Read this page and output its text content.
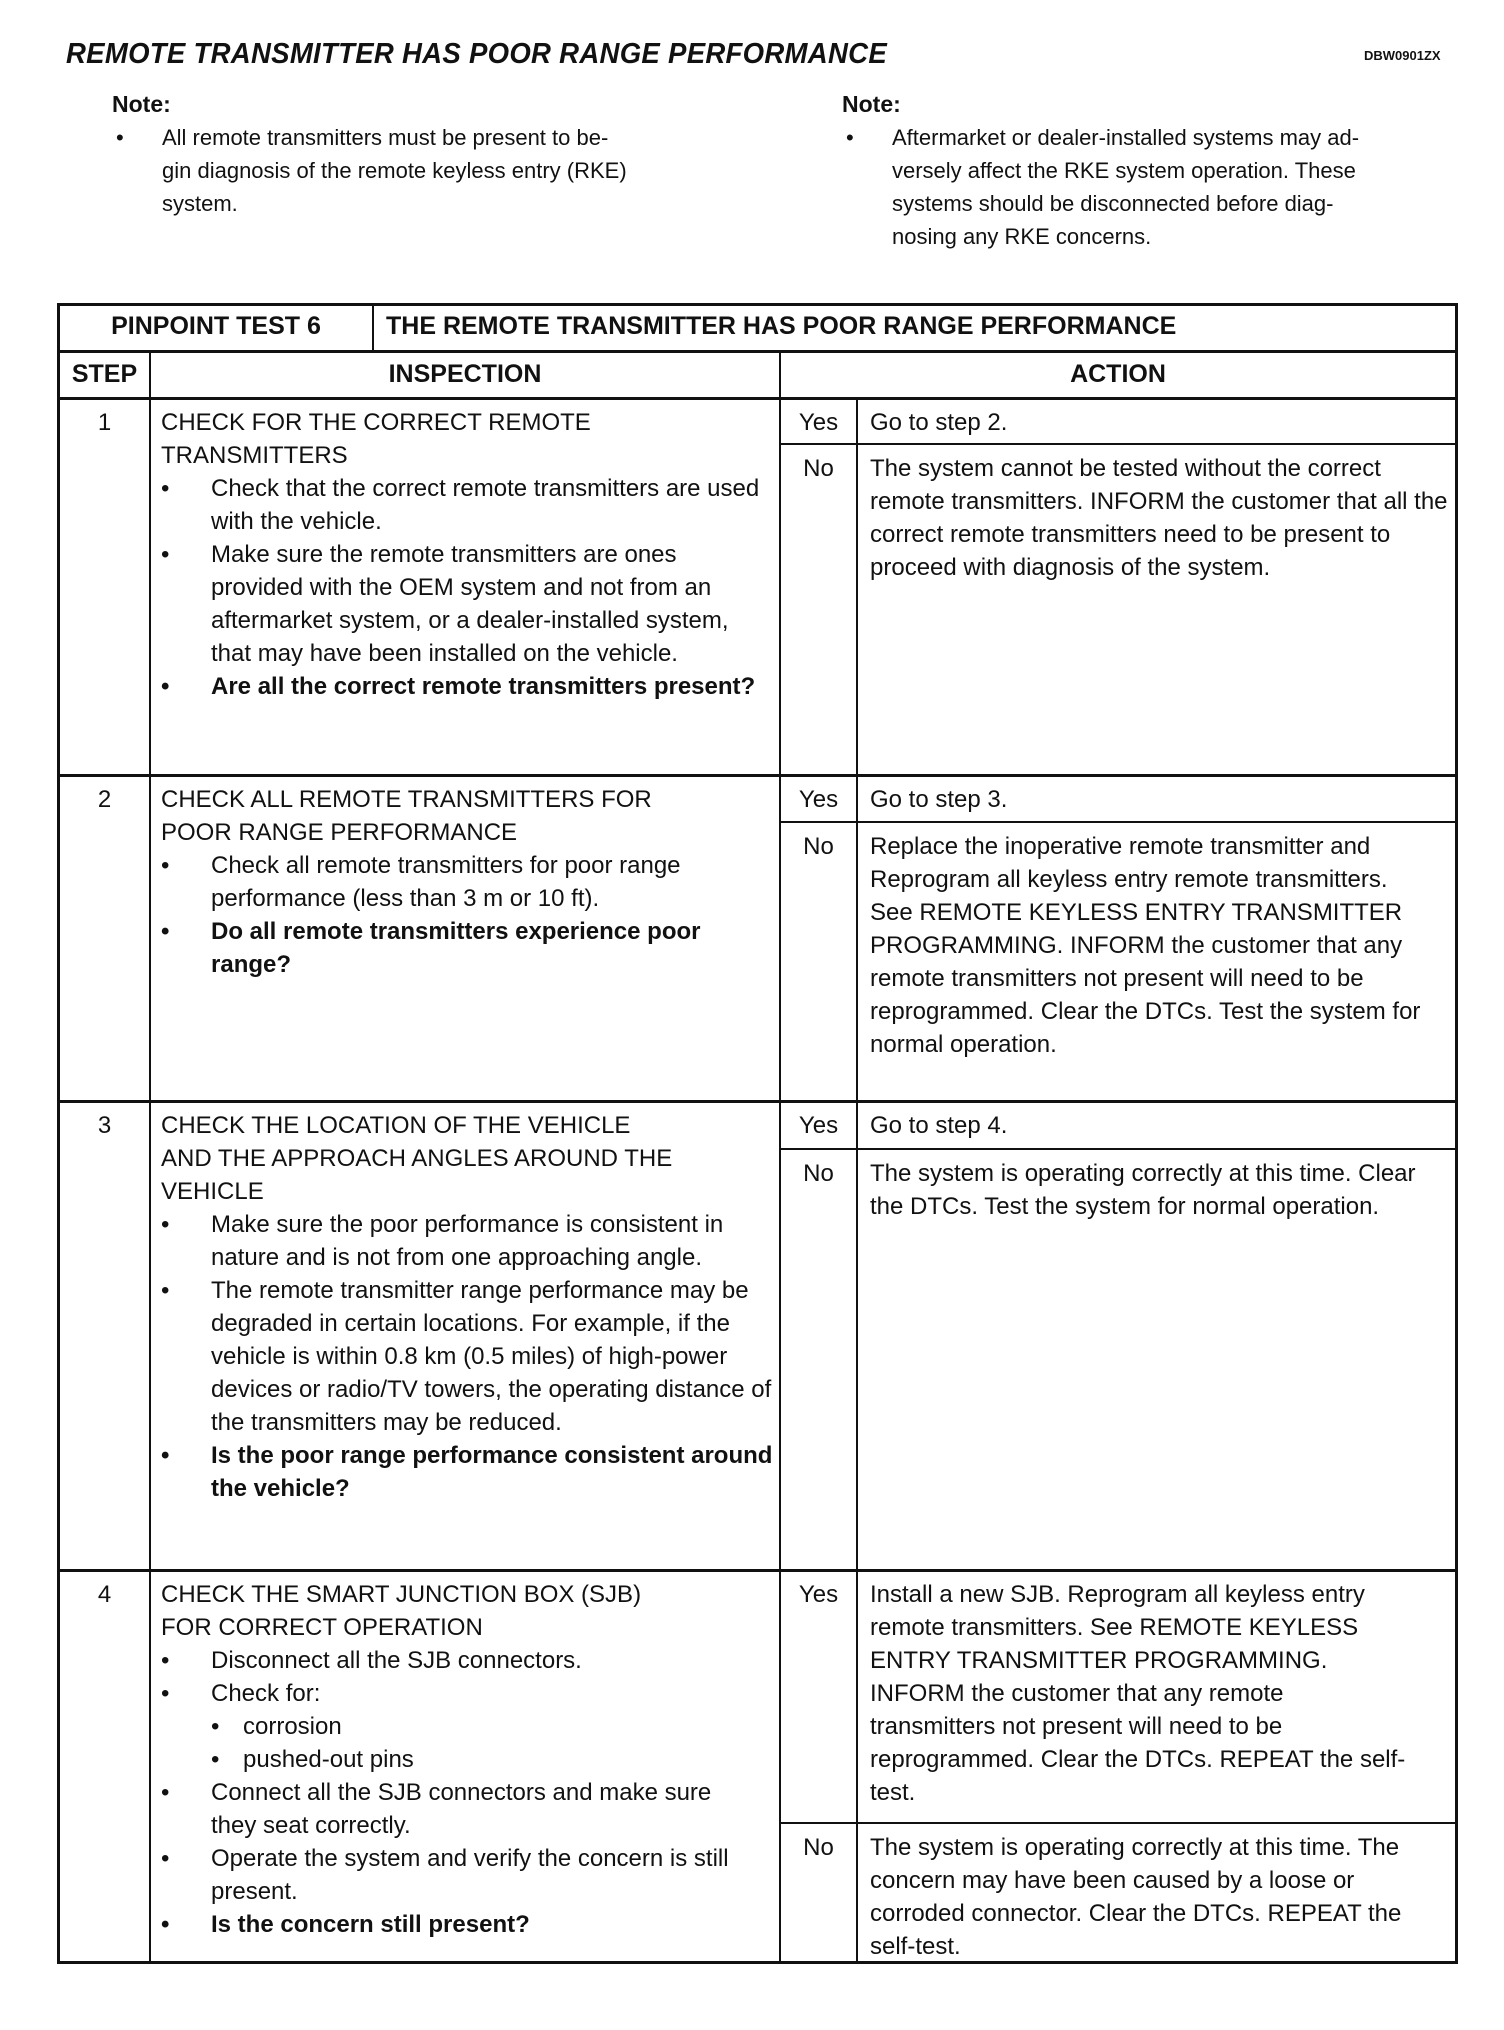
REMOTE TRANSMITTER HAS POOR RANGE PERFORMANCE	DBW0901ZX
Note:
•	All remote transmitters must be present to be-
gin diagnosis of the remote keyless entry (RKE)
system.
Note:
•	Aftermarket or dealer-installed systems may ad-
versely affect the RKE system operation. These
systems should be disconnected before diag-
nosing any RKE concerns.
PINPOINT TEST 6	THE REMOTE TRANSMITTER HAS POOR RANGE PERFORMANCE
STEP	INSPECTION	ACTION
1	CHECK FOR THE CORRECT REMOTE
TRANSMITTERS
•	Check that the correct remote transmitters are used with the vehicle.
•	Make sure the remote transmitters are ones provided with the OEM system and not from an aftermarket system, or a dealer-installed system, that may have been installed on the vehicle.
•	Are all the correct remote transmitters present?
Yes	Go to step 2.
No	The system cannot be tested without the correct remote transmitters. INFORM the customer that all the correct remote transmitters need to be present to proceed with diagnosis of the system.
2	CHECK ALL REMOTE TRANSMITTERS FOR
POOR RANGE PERFORMANCE
•	Check all remote transmitters for poor range performance (less than 3 m or 10 ft).
•	Do all remote transmitters experience poor range?
Yes	Go to step 3.
No	Replace the inoperative remote transmitter and Reprogram all keyless entry remote transmitters. See REMOTE KEYLESS ENTRY TRANSMITTER PROGRAMMING. INFORM the customer that any remote transmitters not present will need to be reprogrammed. Clear the DTCs. Test the system for normal operation.
3	CHECK THE LOCATION OF THE VEHICLE
AND THE APPROACH ANGLES AROUND THE
VEHICLE
•	Make sure the poor performance is consistent in nature and is not from one approaching angle.
•	The remote transmitter range performance may be degraded in certain locations. For example, if the vehicle is within 0.8 km (0.5 miles) of high-power devices or radio/TV towers, the operating distance of the transmitters may be reduced.
•	Is the poor range performance consistent around the vehicle?
Yes	Go to step 4.
No	The system is operating correctly at this time. Clear the DTCs. Test the system for normal operation.
4	CHECK THE SMART JUNCTION BOX (SJB)
FOR CORRECT OPERATION
•	Disconnect all the SJB connectors.
•	Check for:
• corrosion
• pushed-out pins
•	Connect all the SJB connectors and make sure they seat correctly.
•	Operate the system and verify the concern is still present.
•	Is the concern still present?
Yes	Install a new SJB. Reprogram all keyless entry remote transmitters. See REMOTE KEYLESS ENTRY TRANSMITTER PROGRAMMING. INFORM the customer that any remote transmitters not present will need to be reprogrammed. Clear the DTCs. REPEAT the self-test.
No	The system is operating correctly at this time. The concern may have been caused by a loose or corroded connector. Clear the DTCs. REPEAT the self-test.
